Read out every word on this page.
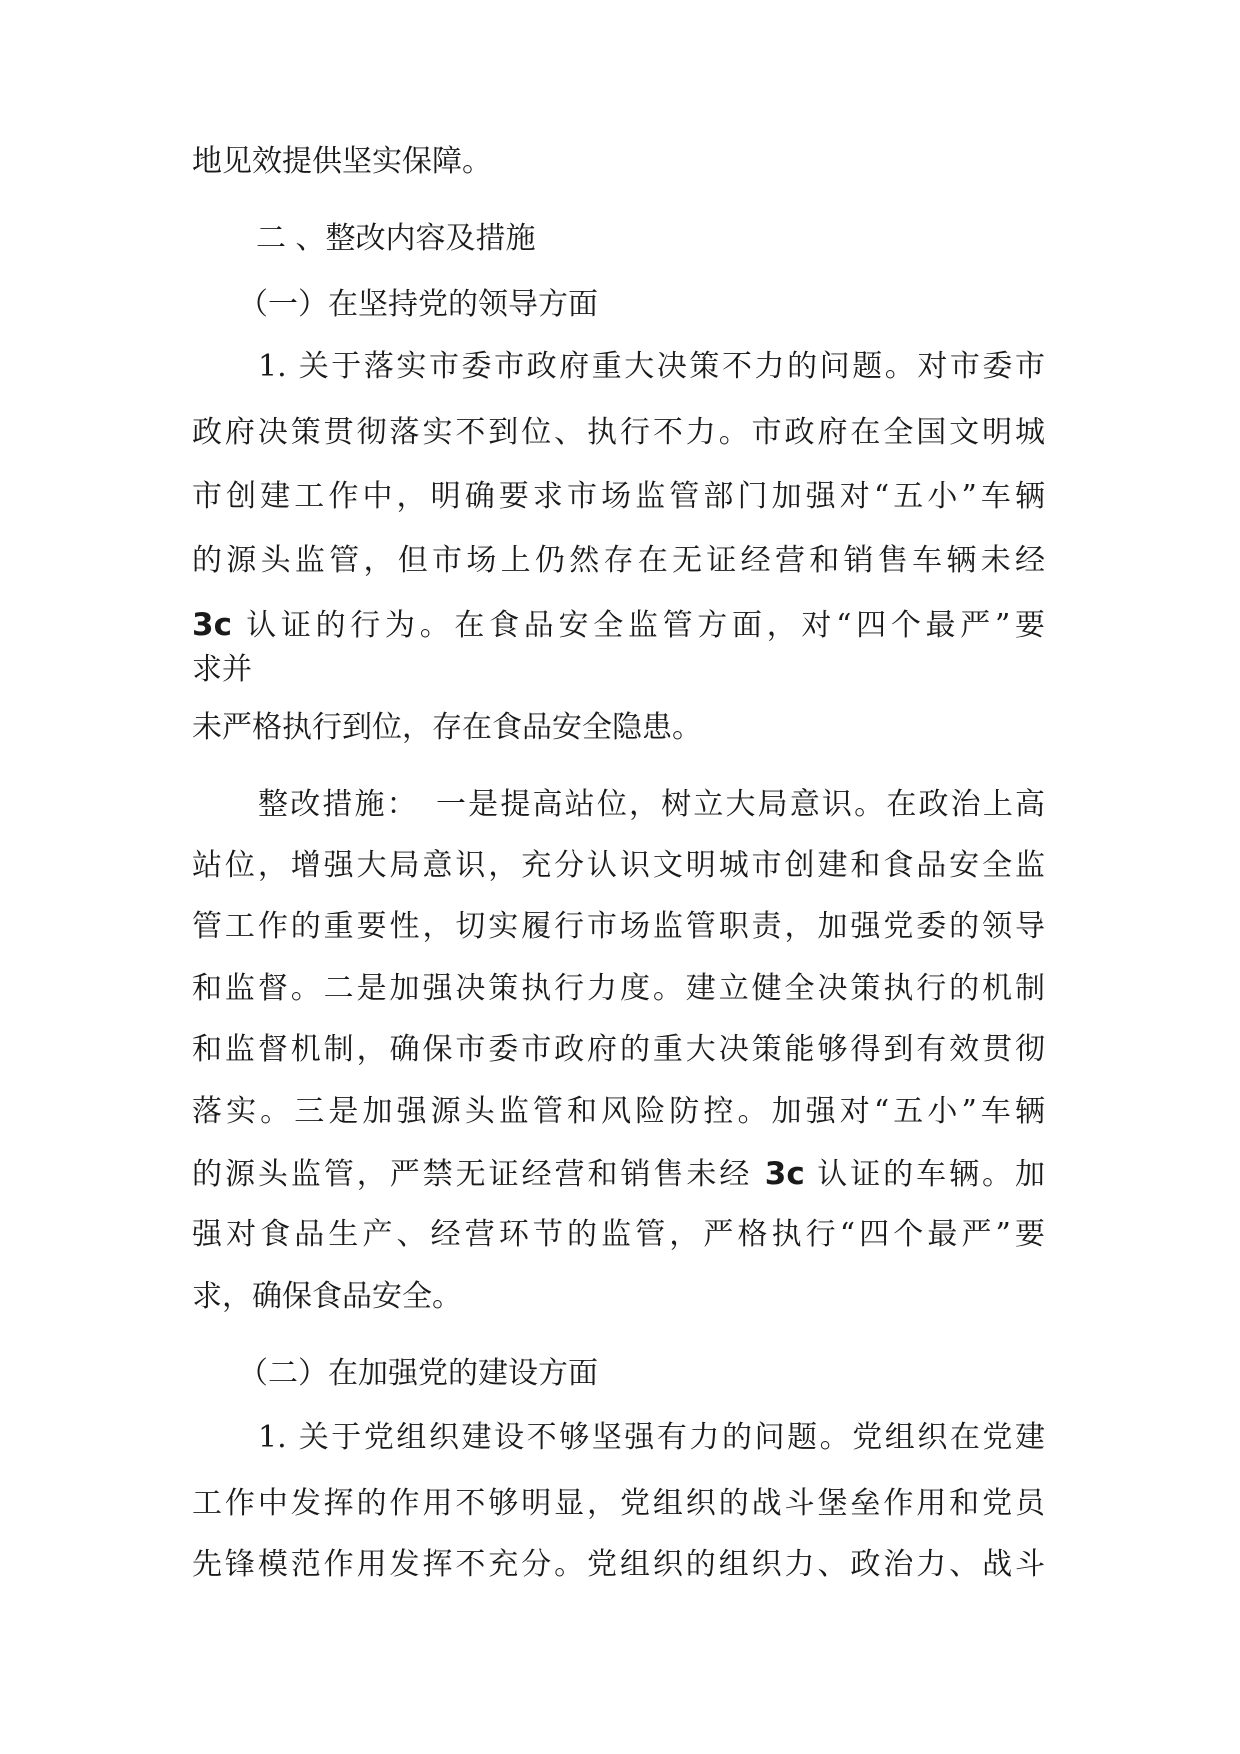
地见效提供坚实保障。
二 、整改内容及措施
（一）在坚持党的领导方面
1. 关于落实市委市政府重大决策不力的问题。对市委市
政府决策贯彻落实不到位、执行不力。市政府在全国文明城
市创建工作中，明确要求市场监管部门加强对“五小”车辆
的源头监管，但市场上仍然存在无证经营和销售车辆未经
3c 认证的行为。在食品安全监管方面，对“四个最严”要
求并
未严格执行到位，存在食品安全隐患。
整改措施：　一是提高站位，树立大局意识。在政治上高
站位，增强大局意识，充分认识文明城市创建和食品安全监
管工作的重要性，切实履行市场监管职责，加强党委的领导
和监督。二是加强决策执行力度。建立健全决策执行的机制
和监督机制，确保市委市政府的重大决策能够得到有效贯彻
落实。三是加强源头监管和风险防控。加强对“五小”车辆
的源头监管，严禁无证经营和销售未经 3c 认证的车辆。加
强对食品生产、经营环节的监管，严格执行“四个最严”要
求，确保食品安全。
（二）在加强党的建设方面
1. 关于党组织建设不够坚强有力的问题。党组织在党建
工作中发挥的作用不够明显，党组织的战斗堡垒作用和党员
先锋模范作用发挥不充分。党组织的组织力、政治力、战斗
